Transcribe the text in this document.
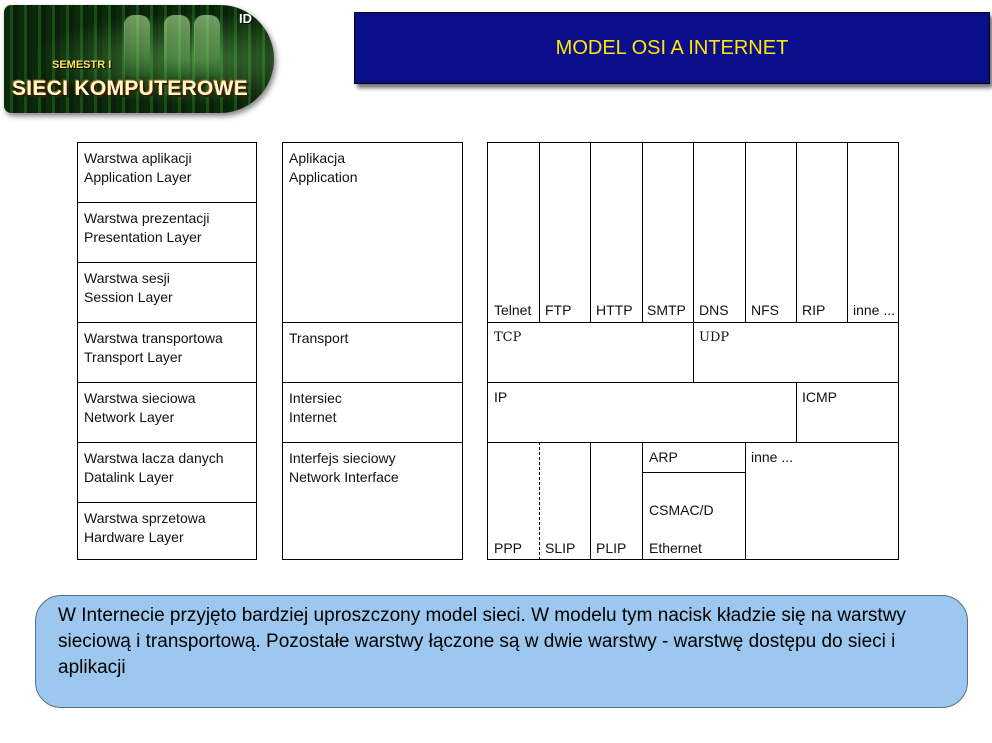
ID
SEMESTR I
SIECI KOMPUTEROWE
MODEL OSI A INTERNET
Warstwa aplikacji
Application Layer
Warstwa prezentacji
Presentation Layer
Warstwa sesji
Session Layer
Warstwa transportowa
Transport Layer
Warstwa sieciowa
Network Layer
Warstwa lacza danych
Datalink Layer
Warstwa sprzetowa
Hardware Layer
Aplikacja
Application
Transport

Intersiec
Internet
Interfejs sieciowy
Network Interface
Telnet FTP HTTP SMTP DNS NFS RIP inne ...
TCP	UDP
IP	ICMP
PPP SLIP PLIP
ARP
CSMAC/D
Ethernet
inne ...
W Internecie przyjęto bardziej uproszczony model sieci. W modelu tym nacisk kładzie się na warstwy sieciową i transportową. Pozostałe warstwy łączone są w dwie warstwy - warstwę dostępu do sieci i aplikacji
